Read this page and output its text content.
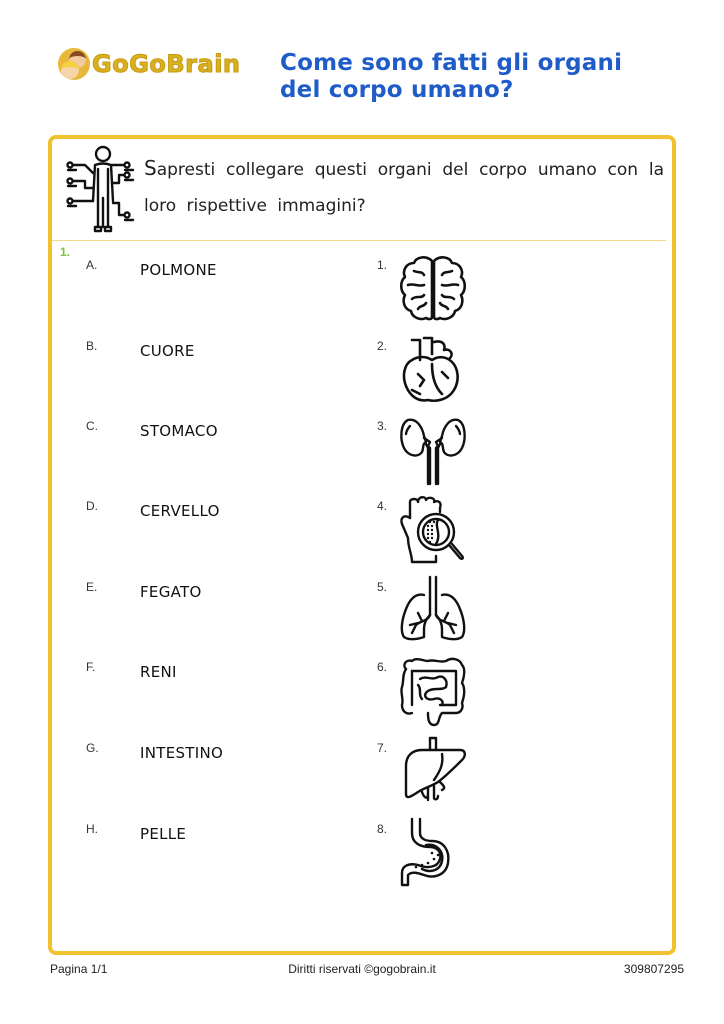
GoGoBrain Come sono fatti gli organi
del corpo umano?
Sapresti collegare questi organi del corpo umano con la loro rispettive immagini?
1.
A.	POLMONE	1.
B.	CUORE	2.
C.	STOMACO	3.
D.	CERVELLO	4.
E.	FEGATO	5.
F.	RENI	6.
G.	INTESTINO	7.
H.	PELLE	8.
Pagina 1/1	Diritti riservati ©gogobrain.it	309807295
